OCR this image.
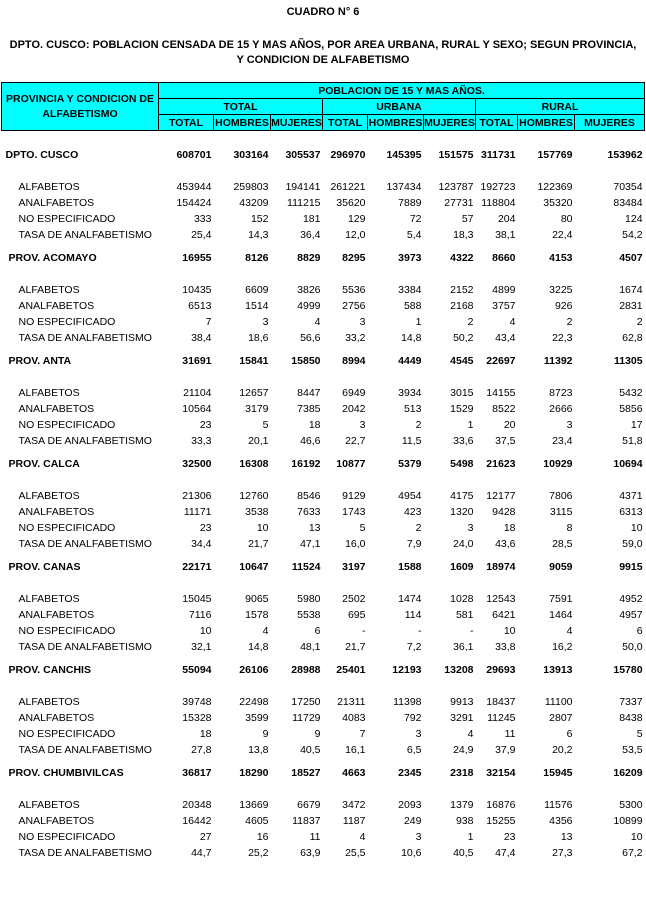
CUADRO N° 6
DPTO. CUSCO: POBLACION CENSADA DE 15 Y MAS AÑOS, POR AREA URBANA, RURAL Y SEXO; SEGUN PROVINCIA,
Y CONDICION DE ALFABETISMO
PROVINCIA Y CONDICION DE ALFABETISMO	POBLACION DE 15 Y MAS AÑOS.								
	TOTAL			URBANA			RURAL		
	TOTAL	HOMBRES	MUJERES	TOTAL	HOMBRES	MUJERES	TOTAL	HOMBRES	MUJERES

DPTO. CUSCO	608701	303164	305537	296970	145395	151575	311731	157769	153962

ALFABETOS	453944	259803	194141	261221	137434	123787	192723	122369	70354
ANALFABETOS	154424	43209	111215	35620	7889	27731	118804	35320	83484
NO ESPECIFICADO	333	152	181	129	72	57	204	80	124
TASA DE ANALFABETISMO	25,4	14,3	36,4	12,0	5,4	18,3	38,1	22,4	54,2

PROV. ACOMAYO	16955	8126	8829	8295	3973	4322	8660	4153	4507

ALFABETOS	10435	6609	3826	5536	3384	2152	4899	3225	1674
ANALFABETOS	6513	1514	4999	2756	588	2168	3757	926	2831
NO ESPECIFICADO	7	3	4	3	1	2	4	2	2
TASA DE ANALFABETISMO	38,4	18,6	56,6	33,2	14,8	50,2	43,4	22,3	62,8

PROV. ANTA	31691	15841	15850	8994	4449	4545	22697	11392	11305

ALFABETOS	21104	12657	8447	6949	3934	3015	14155	8723	5432
ANALFABETOS	10564	3179	7385	2042	513	1529	8522	2666	5856
NO ESPECIFICADO	23	5	18	3	2	1	20	3	17
TASA DE ANALFABETISMO	33,3	20,1	46,6	22,7	11,5	33,6	37,5	23,4	51,8

PROV. CALCA	32500	16308	16192	10877	5379	5498	21623	10929	10694

ALFABETOS	21306	12760	8546	9129	4954	4175	12177	7806	4371
ANALFABETOS	11171	3538	7633	1743	423	1320	9428	3115	6313
NO ESPECIFICADO	23	10	13	5	2	3	18	8	10
TASA DE ANALFABETISMO	34,4	21,7	47,1	16,0	7,9	24,0	43,6	28,5	59,0

PROV. CANAS	22171	10647	11524	3197	1588	1609	18974	9059	9915

ALFABETOS	15045	9065	5980	2502	1474	1028	12543	7591	4952
ANALFABETOS	7116	1578	5538	695	114	581	6421	1464	4957
NO ESPECIFICADO	10	4	6	-	-	-	10	4	6
TASA DE ANALFABETISMO	32,1	14,8	48,1	21,7	7,2	36,1	33,8	16,2	50,0

PROV. CANCHIS	55094	26106	28988	25401	12193	13208	29693	13913	15780

ALFABETOS	39748	22498	17250	21311	11398	9913	18437	11100	7337
ANALFABETOS	15328	3599	11729	4083	792	3291	11245	2807	8438
NO ESPECIFICADO	18	9	9	7	3	4	11	6	5
TASA DE ANALFABETISMO	27,8	13,8	40,5	16,1	6,5	24,9	37,9	20,2	53,5

PROV. CHUMBIVILCAS	36817	18290	18527	4663	2345	2318	32154	15945	16209

ALFABETOS	20348	13669	6679	3472	2093	1379	16876	11576	5300
ANALFABETOS	16442	4605	11837	1187	249	938	15255	4356	10899
NO ESPECIFICADO	27	16	11	4	3	1	23	13	10
TASA DE ANALFABETISMO	44,7	25,2	63,9	25,5	10,6	40,5	47,4	27,3	67,2
